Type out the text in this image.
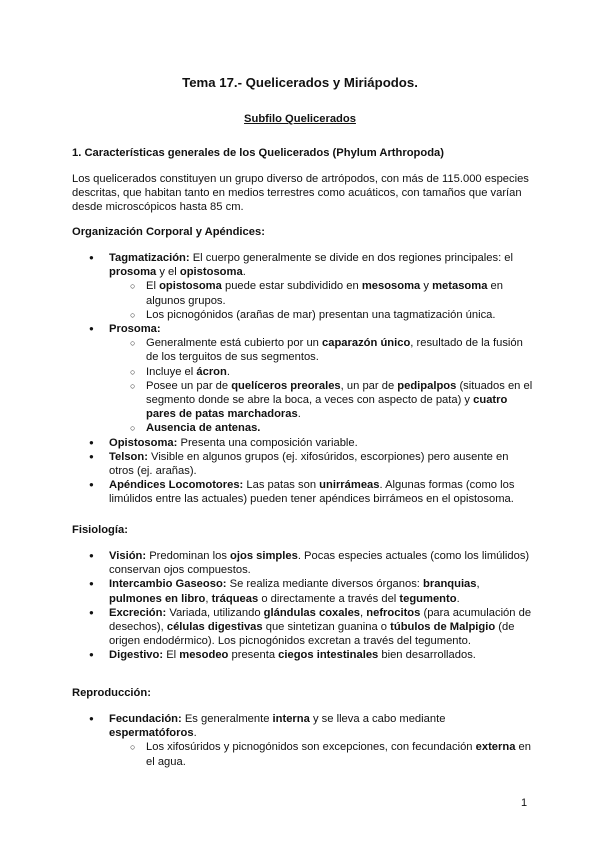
Tema 17.- Quelicerados y Miriápodos.
Subfilo Quelicerados
1. Características generales de los Quelicerados (Phylum Arthropoda)

Los quelicerados constituyen un grupo diverso de artrópodos, con más de 115.000 especies descritas, que habitan tanto en medios terrestres como acuáticos, con tamaños que varían desde microscópicos hasta 85 cm.

Organización Corporal y Apéndices:
● Tagmatización: El cuerpo generalmente se divide en dos regiones principales: el prosoma y el opistosoma.
○ El opistosoma puede estar subdividido en mesosoma y metasoma en algunos grupos.
○ Los picnogónidos (arañas de mar) presentan una tagmatización única.
● Prosoma:
○ Generalmente está cubierto por un caparazón único, resultado de la fusión de los terguitos de sus segmentos.
○ Incluye el ácron.
○ Posee un par de quelíceros preorales, un par de pedipalpos (situados en el segmento donde se abre la boca, a veces con aspecto de pata) y cuatro pares de patas marchadoras.
○ Ausencia de antenas.
● Opistosoma: Presenta una composición variable.
● Telson: Visible en algunos grupos (ej. xifosúridos, escorpiones) pero ausente en otros (ej. arañas).
● Apéndices Locomotores: Las patas son unirrámeas. Algunas formas (como los limúlidos entre las actuales) pueden tener apéndices birrámeos en el opistosoma.
Fisiología:
● Visión: Predominan los ojos simples. Pocas especies actuales (como los limúlidos) conservan ojos compuestos.
● Intercambio Gaseoso: Se realiza mediante diversos órganos: branquias, pulmones en libro, tráqueas o directamente a través del tegumento.
● Excreción: Variada, utilizando glándulas coxales, nefrocitos (para acumulación de desechos), células digestivas que sintetizan guanina o túbulos de Malpigio (de origen endodérmico). Los picnogónidos excretan a través del tegumento.
● Digestivo: El mesodeo presenta ciegos intestinales bien desarrollados.
Reproducción:
● Fecundación: Es generalmente interna y se lleva a cabo mediante espermatóforos.
○ Los xifosúridos y picnogónidos son excepciones, con fecundación externa en el agua.
1
